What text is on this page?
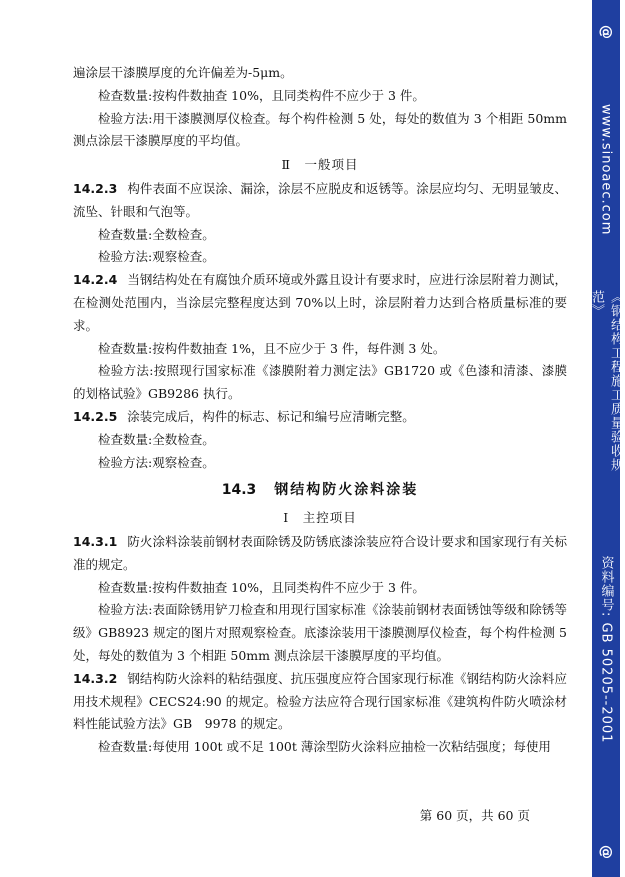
遍涂层干漆膜厚度的允许偏差为-5μm。

检查数量:按构件数抽查 10%，且同类构件不应少于 3 件。

检验方法:用干漆膜测厚仪检查。每个构件检测 5 处，每处的数值为 3 个相距 50mm 测点涂层干漆膜厚度的平均值。

Ⅱ　一般项目

14.2.3 构件表面不应误涂、漏涂，涂层不应脱皮和返锈等。涂层应均匀、无明显皱皮、流坠、针眼和气泡等。

检查数量:全数检查。

检验方法:观察检查。

14.2.4 当钢结构处在有腐蚀介质环境或外露且设计有要求时，应进行涂层附着力测试，在检测处范围内，当涂层完整程度达到 70%以上时，涂层附着力达到合格质量标准的要求。

检查数量:按构件数抽查 1%，且不应少于 3 件，每件测 3 处。

检验方法:按照现行国家标准《漆膜附着力测定法》GB1720 或《色漆和清漆、漆膜的划格试验》GB9286 执行。

14.2.5 涂装完成后，构件的标志、标记和编号应清晰完整。

检查数量:全数检查。

检验方法:观察检查。

14.3 钢结构防火涂料涂装

Ⅰ　主控项目

14.3.1 防火涂料涂装前钢材表面除锈及防锈底漆涂装应符合设计要求和国家现行有关标准的规定。

检查数量:按构件数抽查 10%，且同类构件不应少于 3 件。

检验方法:表面除锈用铲刀检查和用现行国家标准《涂装前钢材表面锈蚀等级和除锈等级》GB8923 规定的图片对照观察检查。底漆涂装用干漆膜测厚仪检查，每个构件检测 5 处，每处的数值为 3 个相距 50mm 测点涂层干漆膜厚度的平均值。

14.3.2 钢结构防火涂料的粘结强度、抗压强度应符合国家现行标准《钢结构防火涂料应用技术规程》CECS24:90 的规定。检验方法应符合现行国家标准《建筑构件防火喷涂材料性能试验方法》GB　9978 的规定。

检查数量:每使用 100t 或不足 100t 薄涂型防火涂料应抽检一次粘结强度；每使用

第 60 页，共 60 页
@
www.sinoaec.com
《钢结构工程施工质量验收规范》
资料编号: GB 50205--2001
@
